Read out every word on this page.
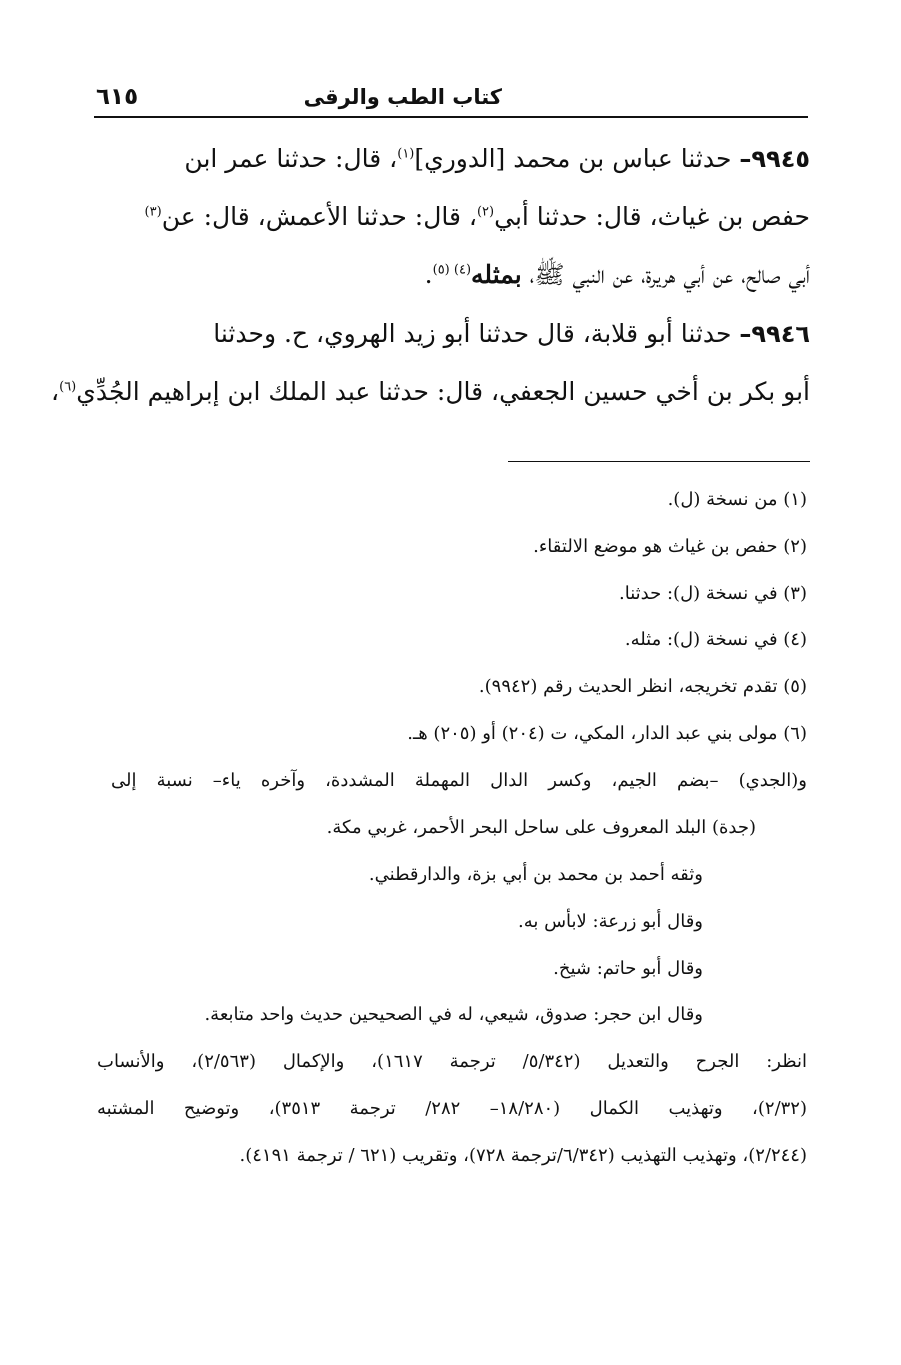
كتاب الطب والرقى
٦١٥
٩٩٤٥– حدثنا عباس بن محمد [الدوري]$^{(١)}$، قال: حدثنا عمر ابن
حفص بن غياث، قال: حدثنا أبي$^{(٢)}$، قال: حدثنا الأعمش، قال: عن$^{(٣)}$
أبي صالح، عن أبي هريرة، عن النبي ﷺ، بمثله$^{(٤) (٥)}$.
٩٩٤٦– حدثنا أبو قلابة، قال حدثنا أبو زيد الهروي، ح. وحدثنا
أبو بكر بن أخي حسين الجعفي، قال: حدثنا عبد الملك ابن إبراهيم الجُدِّي$^{(٦)}$،
(١) من نسخة (ل).
(٢) حفص بن غياث هو موضع الالتقاء.
(٣) في نسخة (ل): حدثنا.
(٤) في نسخة (ل): مثله.
(٥) تقدم تخريجه، انظر الحديث رقم (٩٩٤٢).
(٦) مولى بني عبد الدار، المكي، ت (٢٠٤) أو (٢٠٥) هـ.
و(الجدي) –بضم الجيم، وكسر الدال المهملة المشددة، وآخره ياء– نسبة إلى
(جدة) البلد المعروف على ساحل البحر الأحمر، غربي مكة.
وثقه أحمد بن محمد بن أبي بزة، والدارقطني.
وقال أبو زرعة: لابأس به.
وقال أبو حاتم: شيخ.
وقال ابن حجر: صدوق، شيعي، له في الصحيحين حديث واحد متابعة.
انظر: الجرح والتعديل (٥/٣٤٢/ ترجمة ١٦١٧)، والإكمال (٢/٥٦٣)، والأنساب
(٢/٣٢)، وتهذيب الكمال (١٨/٢٨٠– ٢٨٢/ ترجمة ٣٥١٣)، وتوضيح المشتبه
(٢/٢٤٤)، وتهذيب التهذيب (٦/٣٤٢/ترجمة ٧٢٨)، وتقريب (٦٢١ / ترجمة ٤١٩١).
